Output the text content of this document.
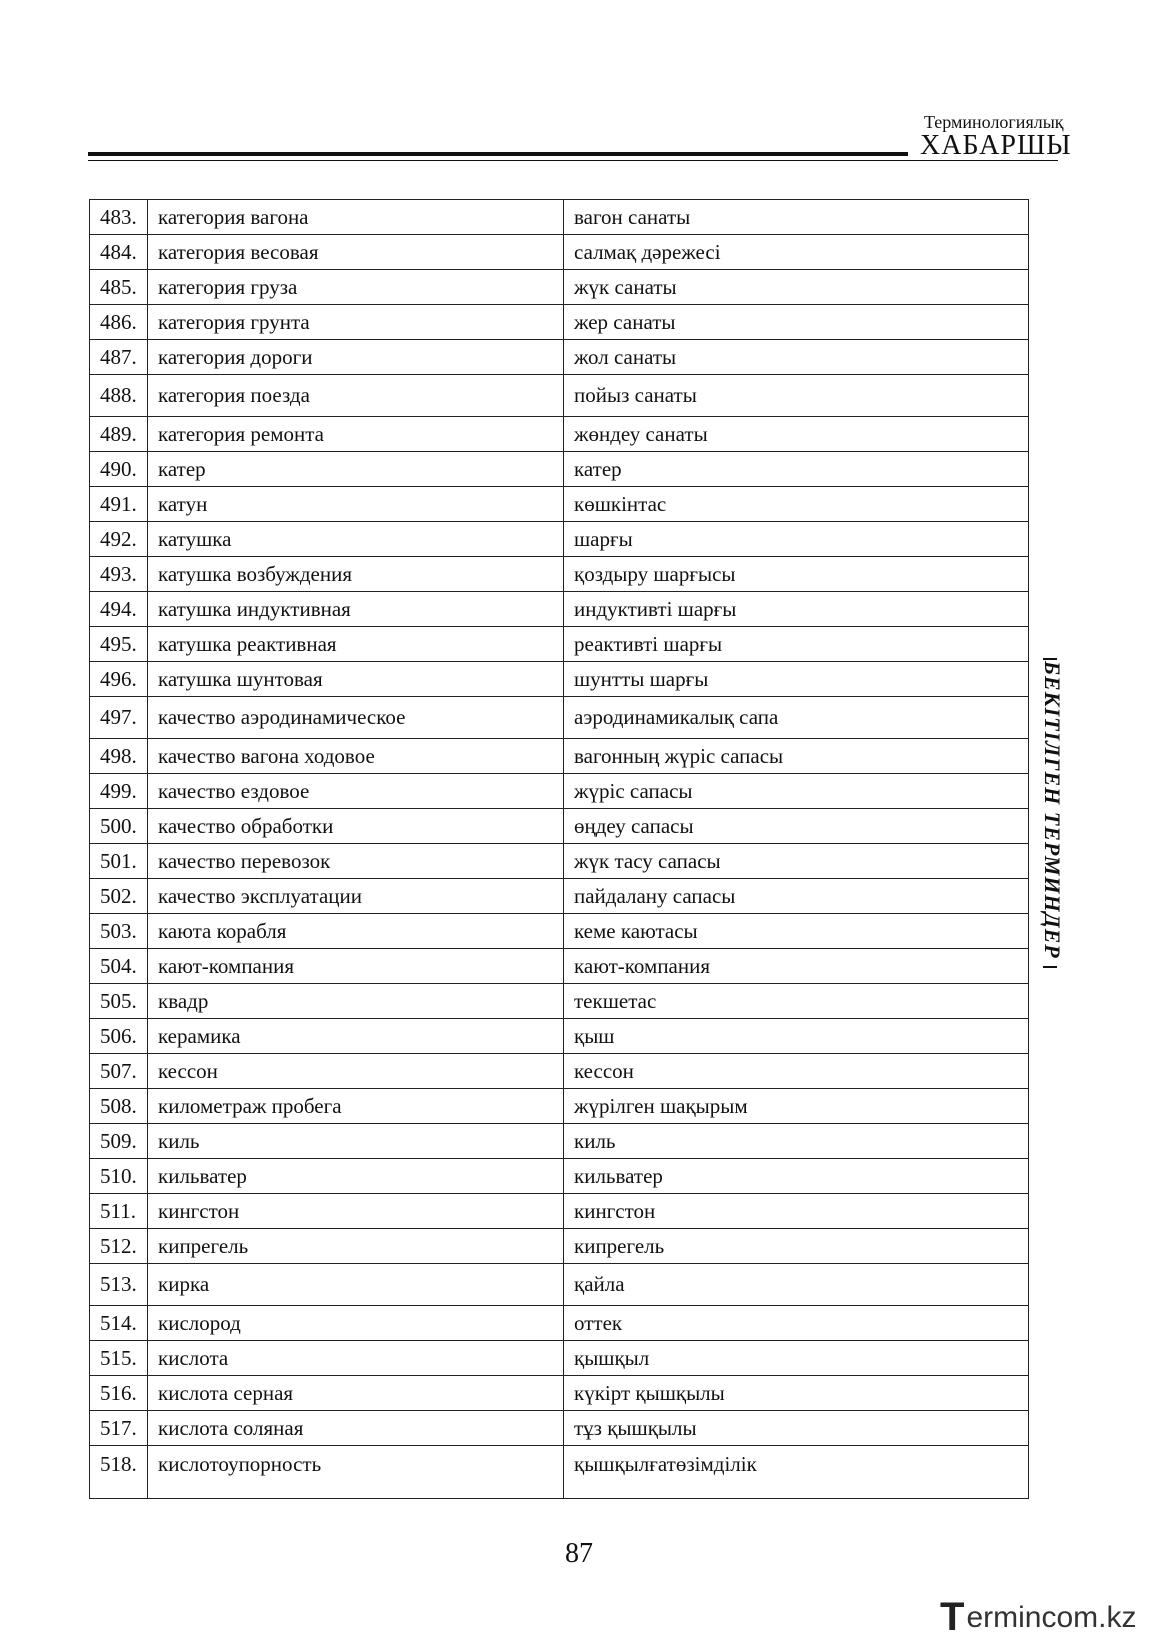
Терминологиялық
ХАБАРШЫ
483.	категория вагона	вагон санаты
484.	категория весовая	салмақ дәрежесі
485.	категория груза	жүк санаты
486.	категория грунта	жер санаты
487.	категория дороги	жол санаты
488.	категория поезда	пойыз санаты
489.	категория ремонта	жөндеу санаты
490.	катер	катер
491.	катун	көшкінтас
492.	катушка	шарғы
493.	катушка возбуждения	қоздыру шарғысы
494.	катушка индуктивная	индуктивті шарғы
495.	катушка реактивная	реактивті шарғы
496.	катушка шунтовая	шунтты шарғы
497.	качество аэродинамическое	аэродинамикалық сапа
498.	качество вагона ходовое	вагонның жүріс сапасы
499.	качество ездовое	жүріс сапасы
500.	качество обработки	өңдеу сапасы
501.	качество перевозок	жүк тасу сапасы
502.	качество эксплуатации	пайдалану сапасы
503.	каюта корабля	кеме каютасы
504.	кают-компания	кают-компания
505.	квадр	текшетас
506.	керамика	қыш
507.	кессон	кессон
508.	километраж пробега	жүрілген шақырым
509.	киль	киль
510.	кильватер	кильватер
511.	кингстон	кингстон
512.	кипрегель	кипрегель
513.	кирка	қайла
514.	кислород	оттек
515.	кислота	қышқыл
516.	кислота серная	күкірт қышқылы
517.	кислота соляная	тұз қышқылы
518.	кислотоупорность	қышқылғатөзімділік
БЕКІТІЛГЕН ТЕРМИНДЕР
87
T ermincom.kz
